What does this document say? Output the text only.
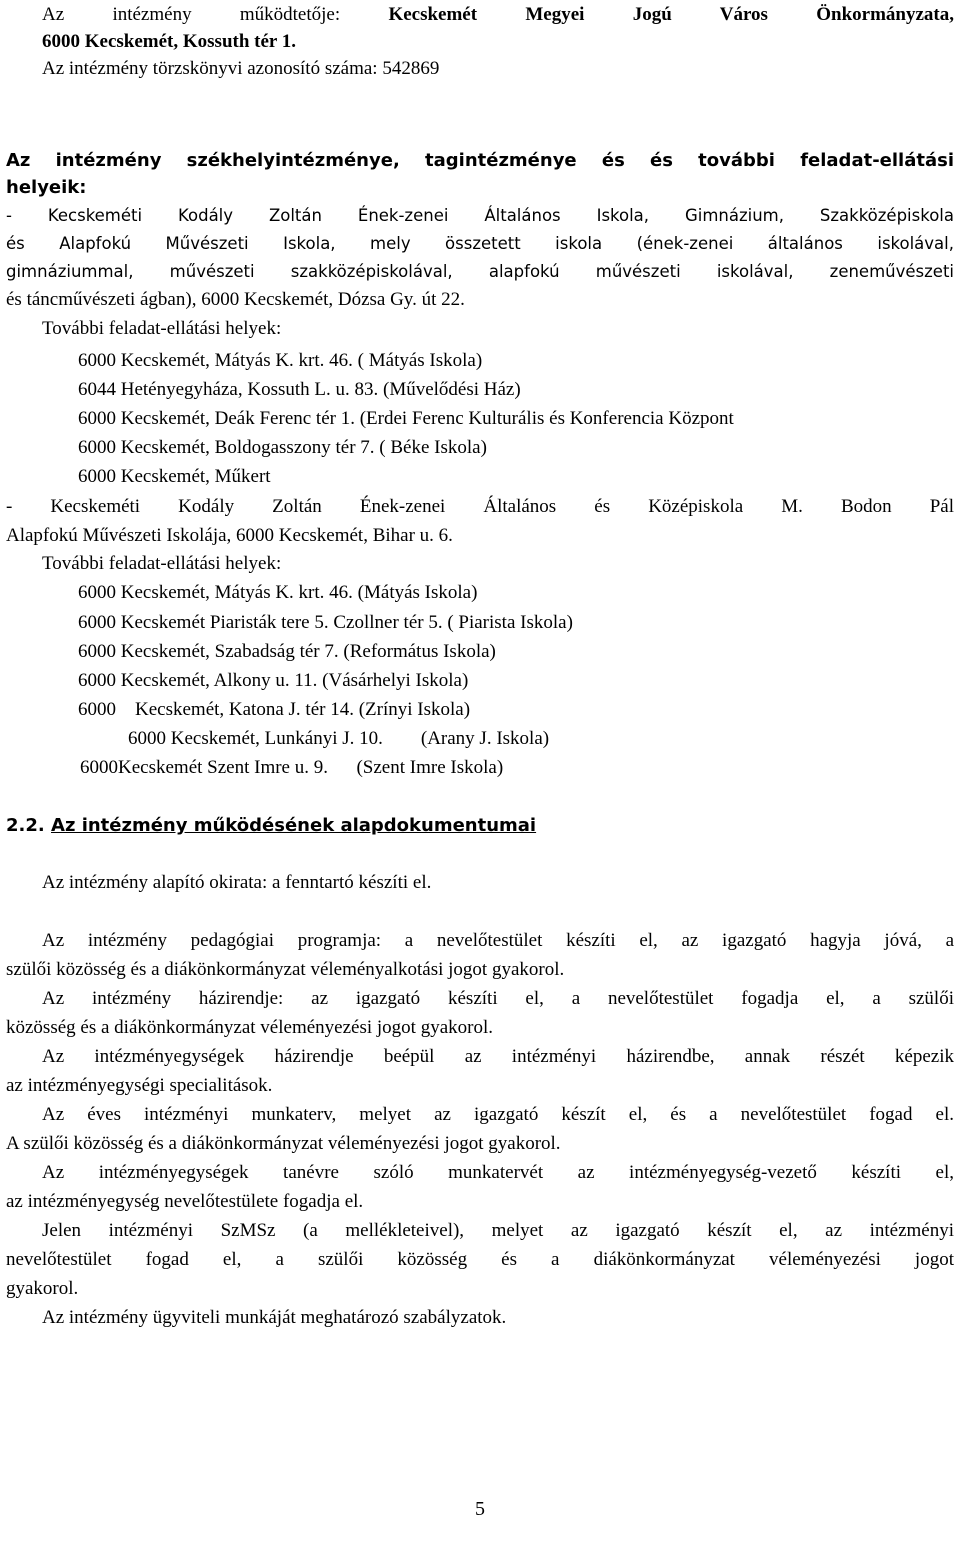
Az intézmény működtetője:	Kecskemét Megyei Jogú Város Önkormányzata,
6000 Kecskemét, Kossuth tér 1.
Az intézmény törzskönyvi azonosító száma: 542869
Az intézmény székhelyintézménye, tagintézménye és és további feladat-ellátási
helyeik:
- Kecskeméti Kodály Zoltán Ének-zenei Általános Iskola, Gimnázium, Szakközépiskola
és Alapfokú Művészeti Iskola, mely összetett iskola (ének-zenei általános iskolával,
gimnáziummal, művészeti szakközépiskolával, alapfokú művészeti iskolával, zeneművészeti
és táncművészeti ágban), 6000 Kecskemét, Dózsa Gy. út 22.
További feladat-ellátási helyek:
6000 Kecskemét, Mátyás K. krt. 46. ( Mátyás Iskola)
6044 Hetényegyháza, Kossuth L. u. 83. (Művelődési Ház)
6000 Kecskemét, Deák Ferenc tér 1. (Erdei Ferenc Kulturális és Konferencia Központ
6000 Kecskemét, Boldogasszony tér 7. ( Béke Iskola)
6000 Kecskemét, Műkert
- Kecskeméti Kodály Zoltán Ének-zenei Általános és Középiskola M. Bodon Pál
Alapfokú Művészeti Iskolája, 6000 Kecskemét, Bihar u. 6.
További feladat-ellátási helyek:
6000 Kecskemét, Mátyás K. krt. 46. (Mátyás Iskola)
6000 Kecskemét Piaristák tere 5. Czollner tér 5. ( Piarista Iskola)
6000 Kecskemét, Szabadság tér 7. (Református Iskola)
6000 Kecskemét, Alkony u. 11. (Vásárhelyi Iskola)
6000    Kecskemét, Katona J. tér 14. (Zrínyi Iskola)
6000 Kecskemét, Lunkányi J. 10.        (Arany J. Iskola)
6000Kecskemét Szent Imre u. 9.      (Szent Imre Iskola)
2.2. Az intézmény működésének alapdokumentumai
Az intézmény alapító okirata: a fenntartó készíti el.
Az intézmény pedagógiai programja: a nevelőtestület készíti el, az igazgató hagyja jóvá, a
szülői közösség és a diákönkormányzat véleményalkotási jogot gyakorol.
Az intézmény házirendje: az igazgató készíti el, a nevelőtestület fogadja el, a szülői
közösség és a diákönkormányzat véleményezési jogot gyakorol.
Az intézményegységek házirendje beépül az intézményi házirendbe, annak részét képezik
az intézményegységi specialitások.
Az éves intézményi munkaterv, melyet az igazgató készít el, és a nevelőtestület fogad el.
A szülői közösség és a diákönkormányzat véleményezési jogot gyakorol.
Az intézményegységek tanévre szóló munkatervét az intézményegység-vezető készíti el,
az intézményegység nevelőtestülete fogadja el.
Jelen intézményi SzMSz (a mellékleteivel), melyet az igazgató készít el, az intézményi
nevelőtestület fogad el, a szülői közösség és a diákönkormányzat véleményezési jogot
gyakorol.
Az intézmény ügyviteli munkáját meghatározó szabályzatok.
5
